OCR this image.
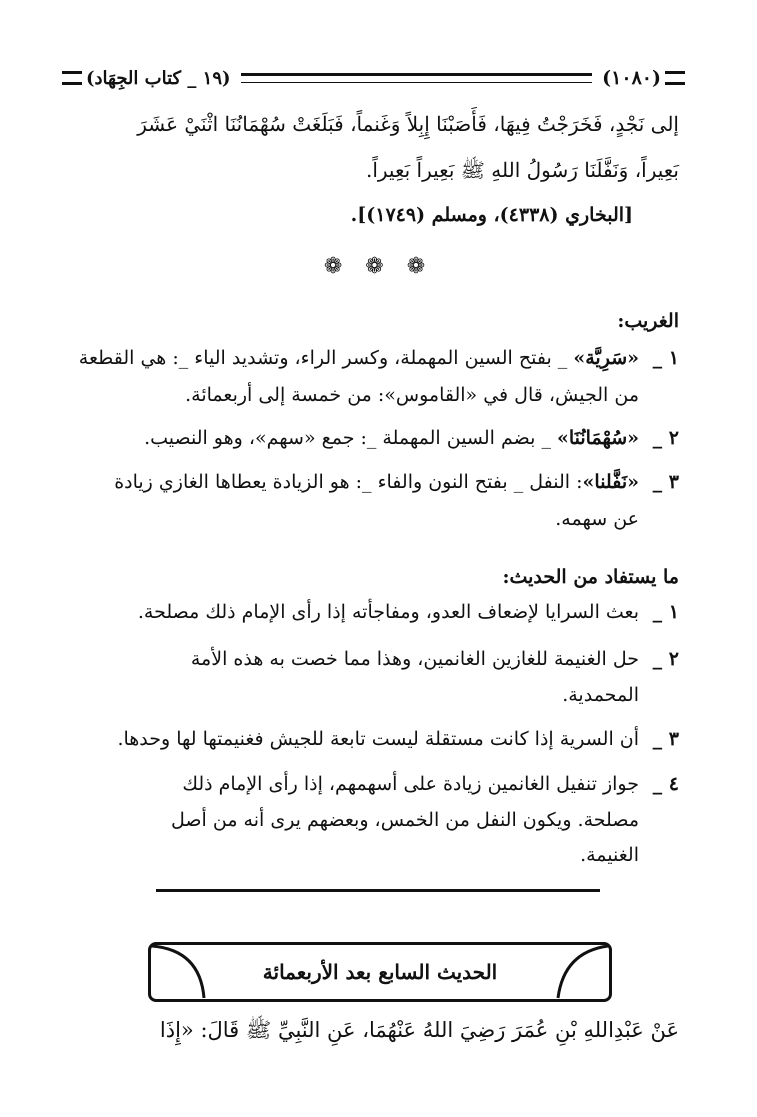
(١٠٨٠)
(١٩ _ كتاب الجِهَاد)
إلى نَجْدٍ، فَخَرَجْتُ فِيهَا، فَأَصَبْنَا إِبِلاً وَغَنماً، فَبَلَغَتْ سُهْمَانُنَا اثْنَيْ عَشَرَ
بَعِيراً، وَنَفَّلَنَا رَسُولُ اللهِ ﷺ بَعِيراً بَعِيراً.
[البخاري (٤٣٣٨)، ومسلم (١٧٤٩)].
❁ ❁ ❁
الغريب:
١ _
«سَرِيَّة» _ بفتح السين المهملة، وكسر الراء، وتشديد الياء _: هي القطعة
من الجيش، قال في «القاموس»: من خمسة إلى أربعمائة.
٢ _
«سُهْمَانُنَا» _ بضم السين المهملة _: جمع «سهم»، وهو النصيب.
٣ _
«نَفَّلنا»: النفل _ بفتح النون والفاء _: هو الزيادة يعطاها الغازي زيادة
عن سهمه.
ما يستفاد من الحديث:
١ _
بعث السرايا لإضعاف العدو، ومفاجأته إذا رأى الإمام ذلك مصلحة.
٢ _
حل الغنيمة للغازين الغانمين، وهذا مما خصت به هذه الأمة
المحمدية.
٣ _
أن السرية إذا كانت مستقلة ليست تابعة للجيش فغنيمتها لها وحدها.
٤ _
جواز تنفيل الغانمين زيادة على أسهمهم، إذا رأى الإمام ذلك
مصلحة. ويكون النفل من الخمس، وبعضهم يرى أنه من أصل
الغنيمة.
الحديث السابع بعد الأربعمائة
عَنْ عَبْدِاللهِ بْنِ عُمَرَ رَضِيَ اللهُ عَنْهُمَا، عَنِ النَّبِيِّ ﷺ قَالَ: «إِذَا
